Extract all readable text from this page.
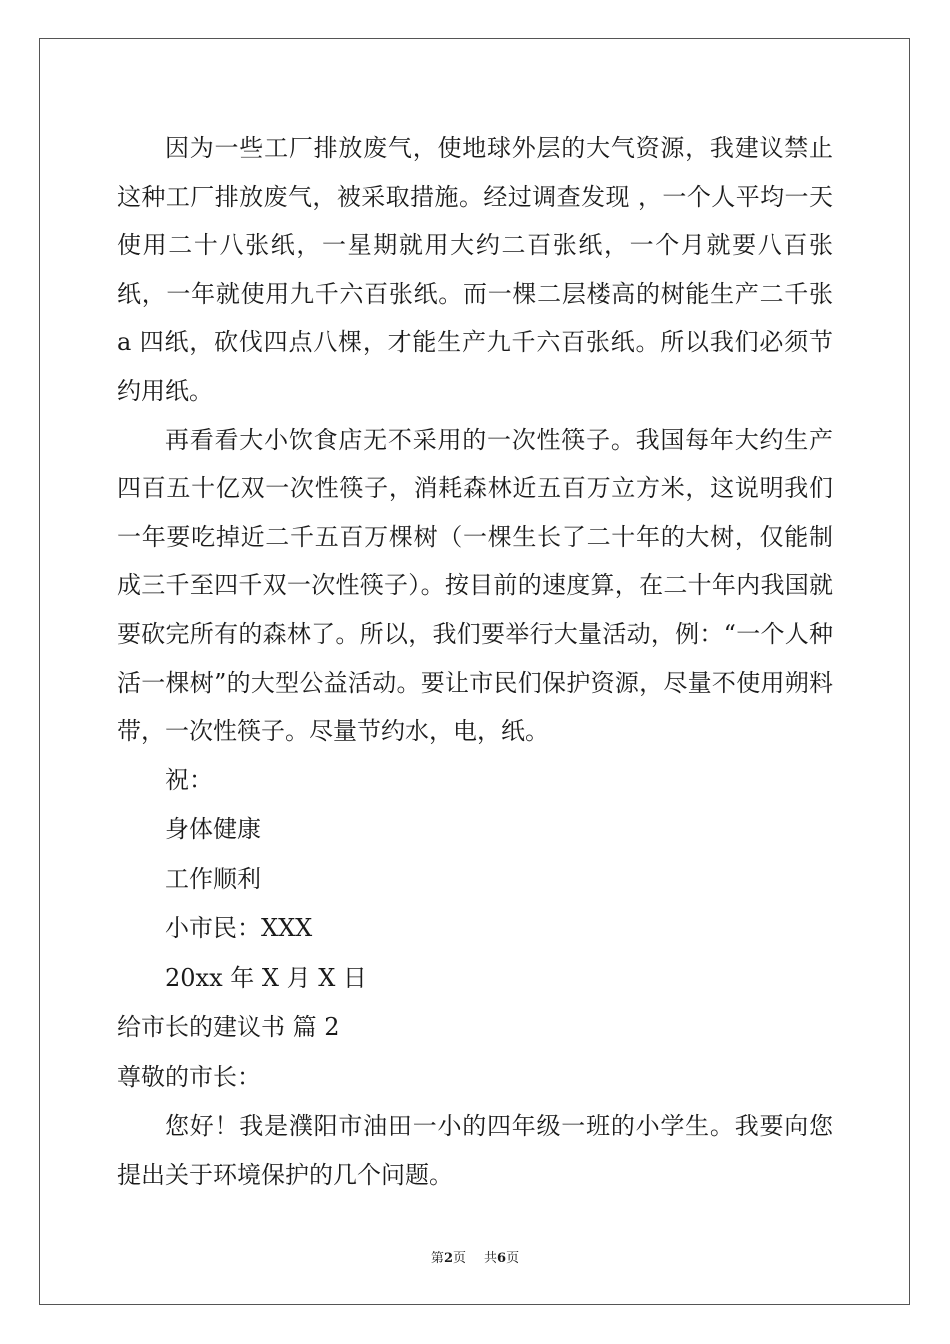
因为一些工厂排放废气，使地球外层的大气资源，我建议禁止这种工厂排放废气，被采取措施。经过调查发现 ，一个人平均一天使用二十八张纸，一星期就用大约二百张纸，一个月就要八百张纸，一年就使用九千六百张纸。而一棵二层楼高的树能生产二千张 a 四纸，砍伐四点八棵，才能生产九千六百张纸。所以我们必须节约用纸。

再看看大小饮食店无不采用的一次性筷子。我国每年大约生产四百五十亿双一次性筷子，消耗森林近五百万立方米，这说明我们一年要吃掉近二千五百万棵树（一棵生长了二十年的大树，仅能制成三千至四千双一次性筷子）。按目前的速度算，在二十年内我国就要砍完所有的森林了。所以，我们要举行大量活动，例：“一个人种活一棵树”的大型公益活动。要让市民们保护资源，尽量不使用朔料带，一次性筷子。尽量节约水，电，纸。

祝：

身体健康

工作顺利

小市民：XXX

20xx 年 X 月 X 日

给市长的建议书 篇 2

尊敬的市长：

您好！我是濮阳市油田一小的四年级一班的小学生。我要向您提出关于环境保护的几个问题。

第2页 共6页
